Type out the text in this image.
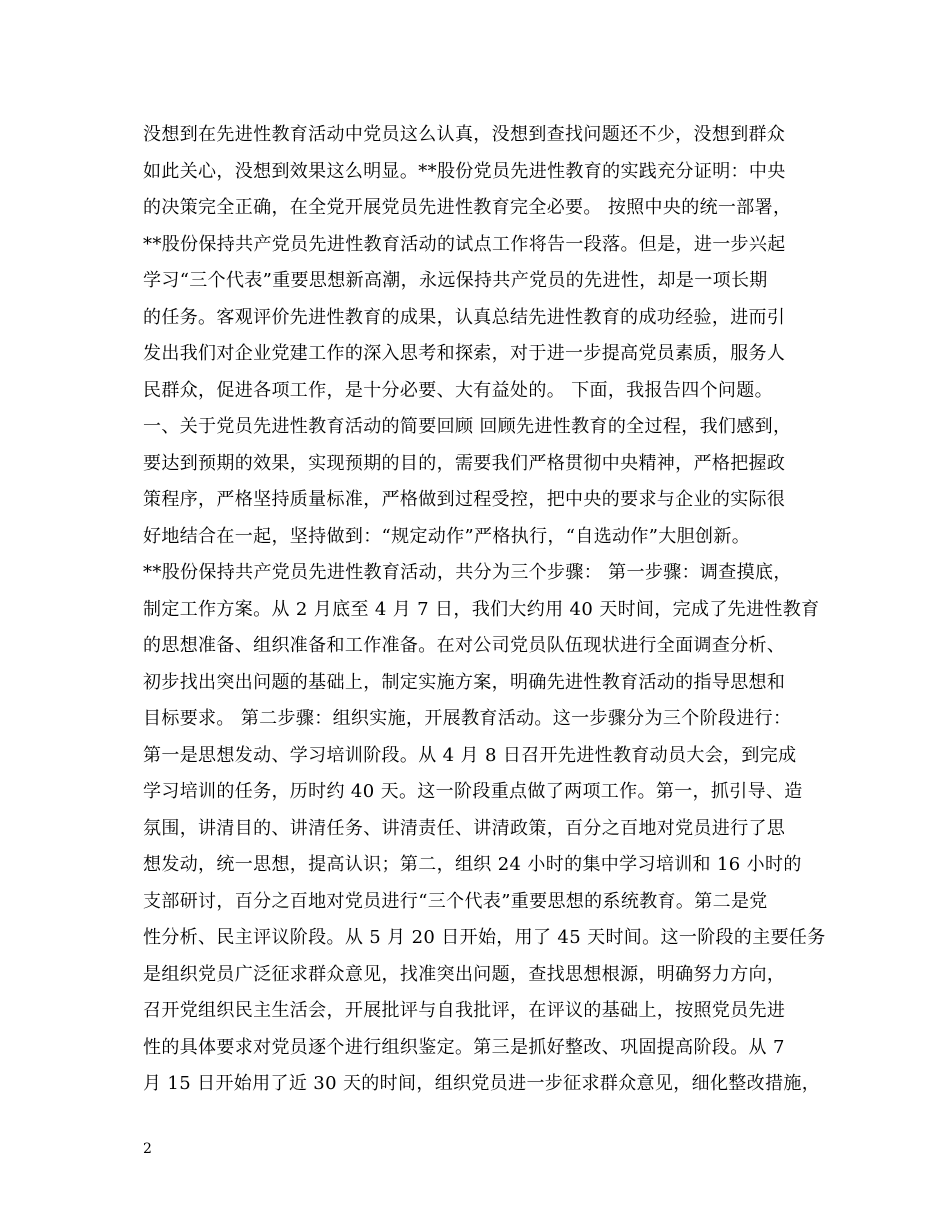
没想到在先进性教育活动中党员这么认真，没想到查找问题还不少，没想到群众
如此关心，没想到效果这么明显。**股份党员先进性教育的实践充分证明：中央
的决策完全正确，在全党开展党员先进性教育完全必要。 按照中央的统一部署，
**股份保持共产党员先进性教育活动的试点工作将告一段落。但是，进一步兴起
学习“三个代表”重要思想新高潮，永远保持共产党员的先进性，却是一项长期
的任务。客观评价先进性教育的成果，认真总结先进性教育的成功经验，进而引
发出我们对企业党建工作的深入思考和探索，对于进一步提高党员素质，服务人
民群众，促进各项工作，是十分必要、大有益处的。 下面，我报告四个问题。
一、关于党员先进性教育活动的简要回顾 回顾先进性教育的全过程，我们感到，
要达到预期的效果，实现预期的目的，需要我们严格贯彻中央精神，严格把握政
策程序，严格坚持质量标准，严格做到过程受控，把中央的要求与企业的实际很
好地结合在一起，坚持做到：“规定动作”严格执行，“自选动作”大胆创新。
**股份保持共产党员先进性教育活动，共分为三个步骤： 第一步骤：调查摸底，
制定工作方案。从 2 月底至 4 月 7 日，我们大约用 40 天时间，完成了先进性教育
的思想准备、组织准备和工作准备。在对公司党员队伍现状进行全面调查分析、
初步找出突出问题的基础上，制定实施方案，明确先进性教育活动的指导思想和
目标要求。 第二步骤：组织实施，开展教育活动。这一步骤分为三个阶段进行：
第一是思想发动、学习培训阶段。从 4 月 8 日召开先进性教育动员大会，到完成
学习培训的任务，历时约 40 天。这一阶段重点做了两项工作。第一，抓引导、造
氛围，讲清目的、讲清任务、讲清责任、讲清政策，百分之百地对党员进行了思
想发动，统一思想，提高认识；第二，组织 24 小时的集中学习培训和 16 小时的
支部研讨，百分之百地对党员进行“三个代表”重要思想的系统教育。第二是党
性分析、民主评议阶段。从 5 月 20 日开始，用了 45 天时间。这一阶段的主要任务
是组织党员广泛征求群众意见，找准突出问题，查找思想根源，明确努力方向，
召开党组织民主生活会，开展批评与自我批评，在评议的基础上，按照党员先进
性的具体要求对党员逐个进行组织鉴定。第三是抓好整改、巩固提高阶段。从 7
月 15 日开始用了近 30 天的时间，组织党员进一步征求群众意见，细化整改措施，
2
